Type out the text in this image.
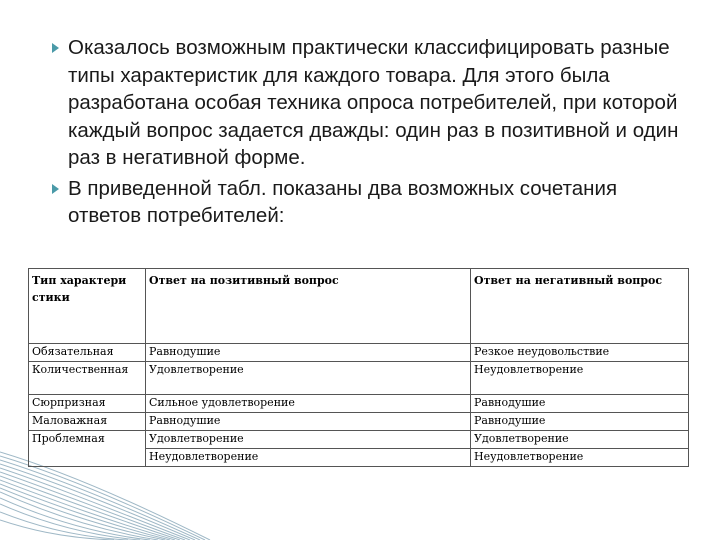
Оказалось возможным практически классифицировать разные типы характеристик для каждого товара. Для этого была разработана особая техника опроса потребителей, при которой каждый вопрос задается дважды: один раз в позитивной и один раз в негативной форме.
В приведенной табл. показаны два возможных сочетания ответов потребителей:
Тип характери стики	Ответ на позитивный вопрос	Ответ на негативный вопрос
Обязательная	Равнодушие	Резкое неудовольствие
Количественная	Удовлетворение	Неудовлетворение
Сюрпризная	Сильное удовлетворение	Равнодушие
Маловажная	Равнодушие	Равнодушие
Проблемная	Удовлетворение	Удовлетворение
	Неудовлетворение	Неудовлетворение
